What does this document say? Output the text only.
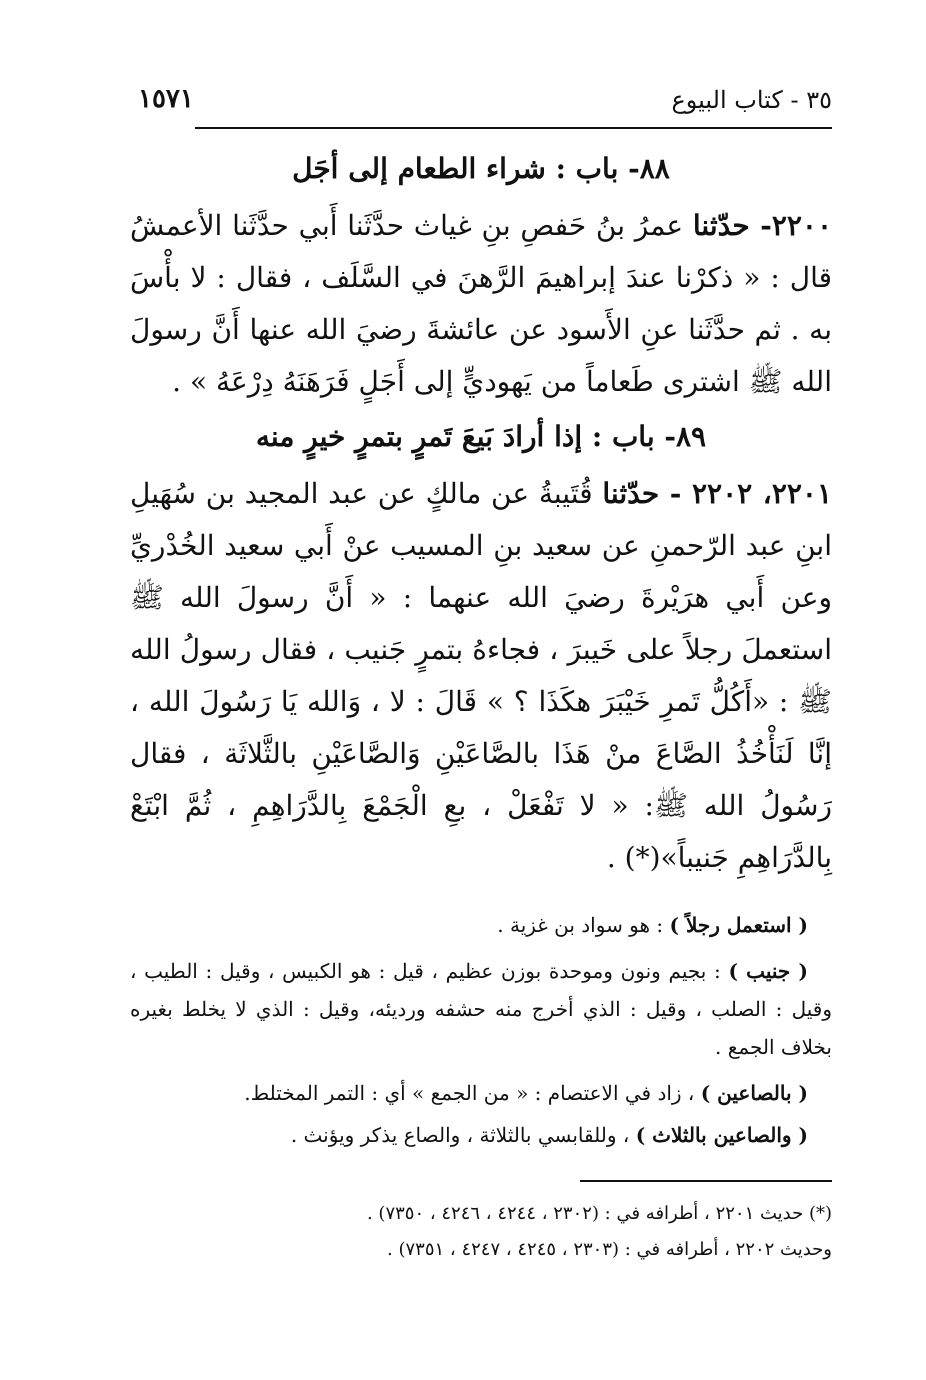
١٥٧١	٣٥ - كتاب البيوع
٨٨- باب : شراء الطعام إلى أجَل

٢٢٠٠- حدّثنا عمرُ بنُ حَفصِ بنِ غياث حدَّثَنا أَبي حدَّثَنا الأعمشُ قال : « ذكرْنا عندَ إبراهيمَ الرَّهنَ في السَّلَف ، فقال : لا بأْسَ به . ثم حدَّثَنا عنِ الأَسود عن عائشةَ رضيَ الله عنها أَنَّ رسولَ الله ﷺ اشترى طَعاماً من يَهوديٍّ إلى أَجَلٍ فَرَهَنَهُ دِرْعَهُ » .

٨٩- باب : إذا أرادَ بَيعَ تَمرٍ بتمرٍ خيرٍ منه

٢٢٠١، ٢٢٠٢ - حدّثنا قُتَيبةُ عن مالكٍ عن عبد المجيد بن سُهَيلِ ابنِ عبد الرّحمنِ عن سعيد بنِ المسيب عنْ أَبي سعيد الخُدْريِّ وعن أَبي هرَيْرةَ رضيَ الله عنهما : « أَنَّ رسولَ الله ﷺ استعملَ رجلاً على خَيبرَ ، فجاءهُ بتمرٍ جَنيب ، فقال رسولُ الله ﷺ : «أَكُلُّ تَمرِ خَيْبَرَ هكَذَا ؟ » قَالَ : لا ، وَالله يَا رَسُولَ الله ، إنَّا لَنَأْخُذُ الصَّاعَ منْ هَذَا بالصَّاعَيْنِ وَالصَّاعَيْنِ بالثَّلاثَة ، فقال رَسُولُ الله ﷺ: « لا تَفْعَلْ ، بعِ الْجَمْعَ بِالدَّرَاهِمِ ، ثُمَّ ابْتَعْ بِالدَّرَاهِمِ جَنيباً»(*) .

( استعمل رجلاً ) : هو سواد بن غزية .

( جنيب ) : بجيم ونون وموحدة بوزن عظيم ، قيل : هو الكبيس ، وقيل : الطيب ، وقيل : الصلب ، وقيل : الذي أخرج منه حشفه ورديئه، وقيل : الذي لا يخلط بغيره بخلاف الجمع .

( بالصاعين ) ، زاد في الاعتصام : « من الجمع » أي : التمر المختلط.

( والصاعين بالثلاث ) ، وللقابسي بالثلاثة ، والصاع يذكر ويؤنث .

(*) حديث ٢٢٠١ ، أطرافه في : (٢٣٠٢ ، ٤٢٤٤ ، ٤٢٤٦ ، ٧٣٥٠) .

وحديث ٢٢٠٢ ، أطرافه في : (٢٣٠٣ ، ٤٢٤٥ ، ٤٢٤٧ ، ٧٣٥١) .
